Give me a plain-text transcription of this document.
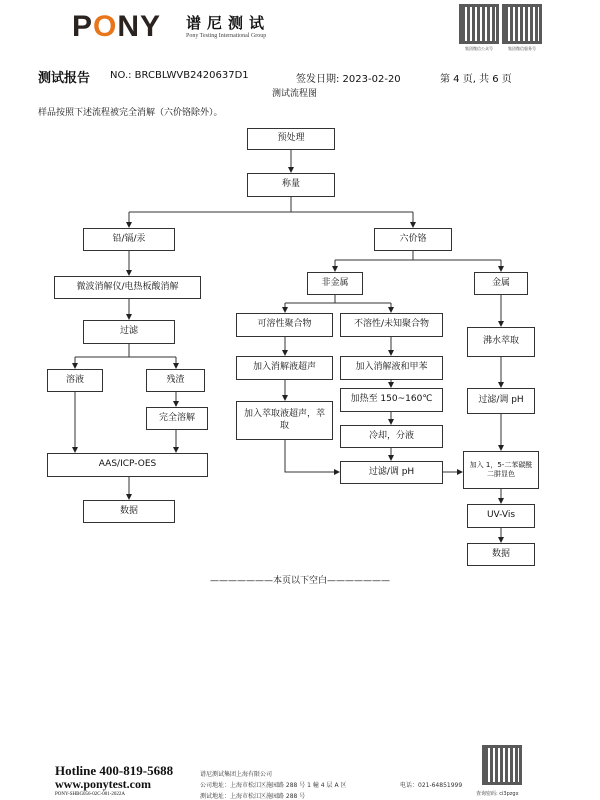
PONY 谱尼测试
Pony Testing International Group
集团微信公众号	集团微信服务号
测试报告 NO.: BRCBLWVB2420637D1	签发日期: 2023-02-20	第 4 页, 共 6 页
测试流程图
样品按照下述流程被完全消解（六价铬除外）。
预处理
称量
铅/镉/汞	六价铬
微波消解仪/电热板酸消解
过滤
溶液	残渣
完全溶解
AAS/ICP-OES
数据
非金属	金属
可溶性聚合物	不溶性/未知聚合物
加入消解液超声	加入消解液和甲苯
加入萃取液超声，萃取
加热至 150~160℃
冷却，分液
过滤/调 pH
沸水萃取
过滤/调 pH
加入 1，5-二苯碳酰二肼显色
UV-Vis
数据
———————本页以下空白———————
Hotline 400-819-5688
www.ponytest.com
PONY-SHBG056-02C-001-2022A
谱尼测试集团上海有限公司
公司地址：上海市松江区施园路 288 号 1 幢 4 层 A 区	电话：021-64851999
测试地址：上海市松江区施园路 288 号	查询密码: ci3pzgx
